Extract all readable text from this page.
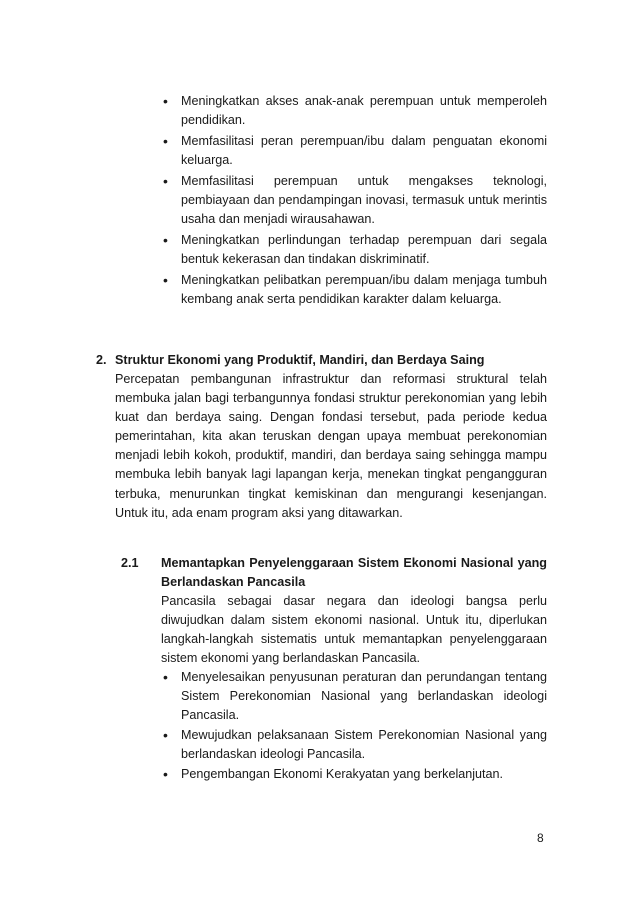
• Meningkatkan akses anak-anak perempuan untuk memperoleh pendidikan.
• Memfasilitasi peran perempuan/ibu dalam penguatan ekonomi keluarga.
• Memfasilitasi perempuan untuk mengakses teknologi, pembiayaan dan pendampingan inovasi, termasuk untuk merintis usaha dan menjadi wirausahawan.
• Meningkatkan perlindungan terhadap perempuan dari segala bentuk kekerasan dan tindakan diskriminatif.
• Meningkatkan pelibatkan perempuan/ibu dalam menjaga tumbuh kembang anak serta pendidikan karakter dalam keluarga.
2. Struktur Ekonomi yang Produktif, Mandiri, dan Berdaya Saing

Percepatan pembangunan infrastruktur dan reformasi struktural telah membuka jalan bagi terbangunnya fondasi struktur perekonomian yang lebih kuat dan berdaya saing. Dengan fondasi tersebut, pada periode kedua pemerintahan, kita akan teruskan dengan upaya membuat perekonomian menjadi lebih kokoh, produktif, mandiri, dan berdaya saing sehingga mampu membuka lebih banyak lagi lapangan kerja, menekan tingkat pengangguran terbuka, menurunkan tingkat kemiskinan dan mengurangi kesenjangan. Untuk itu, ada enam program aksi yang ditawarkan.

2.1 Memantapkan Penyelenggaraan Sistem Ekonomi Nasional yang Berlandaskan Pancasila

Pancasila sebagai dasar negara dan ideologi bangsa perlu diwujudkan dalam sistem ekonomi nasional. Untuk itu, diperlukan langkah-langkah sistematis untuk memantapkan penyelenggaraan sistem ekonomi yang berlandaskan Pancasila.

• Menyelesaikan penyusunan peraturan dan perundangan tentang Sistem Perekonomian Nasional yang berlandaskan ideologi Pancasila.
• Mewujudkan pelaksanaan Sistem Perekonomian Nasional yang berlandaskan ideologi Pancasila.
• Pengembangan Ekonomi Kerakyatan yang berkelanjutan.
8
